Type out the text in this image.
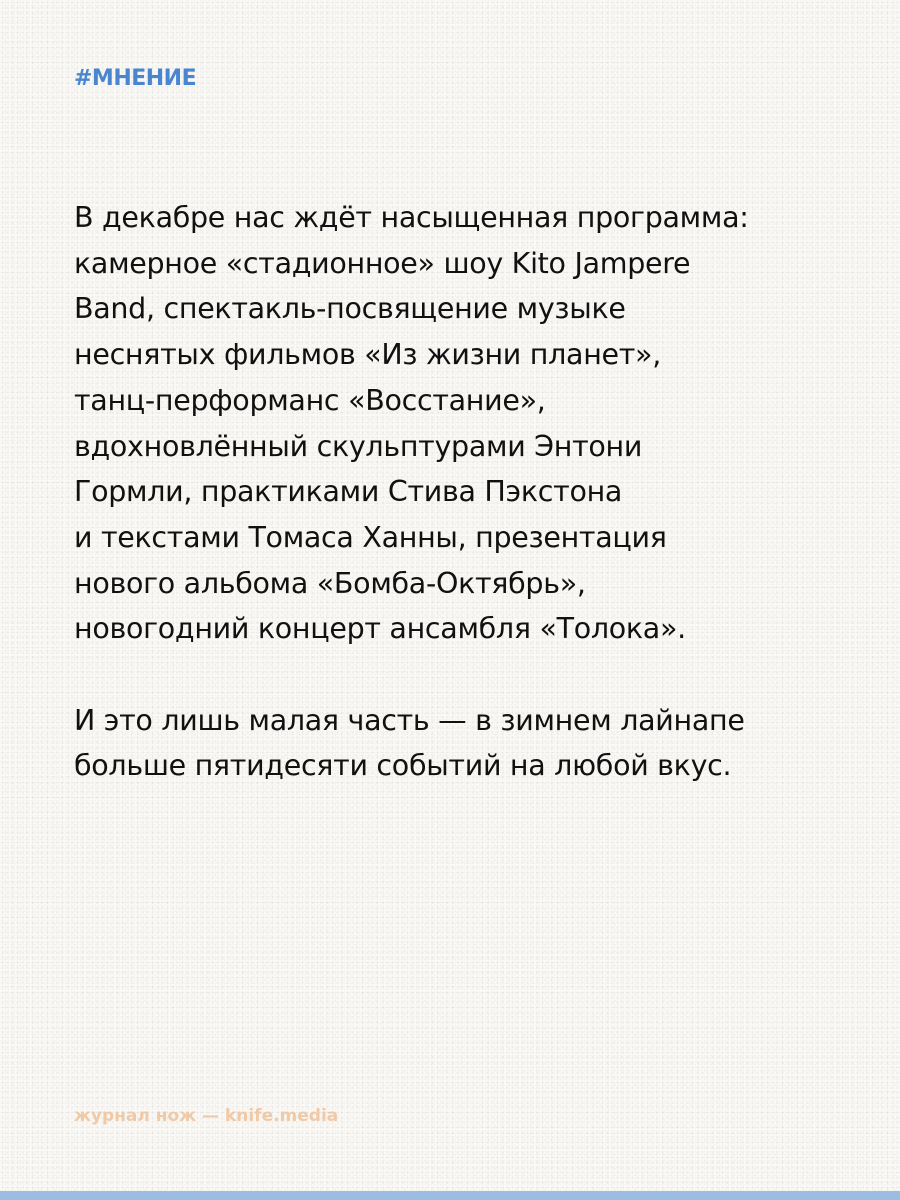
#МНЕНИЕ

В декабре нас ждёт насыщенная программа:
камерное «стадионное» шоу Kito Jampere
Band, спектакль-посвящение музыке
неснятых фильмов «Из жизни планет»,
танц-перформанс «Восстание»,
вдохновлённый скульптурами Энтони
Гормли, практиками Стива Пэкстона
и текстами Томаса Ханны, презентация
нового альбома «Бомба-Октябрь»,
новогодний концерт ансамбля «Толока».

И это лишь малая часть — в зимнем лайнапе
больше пятидесяти событий на любой вкус.

журнал нож — knife.media
